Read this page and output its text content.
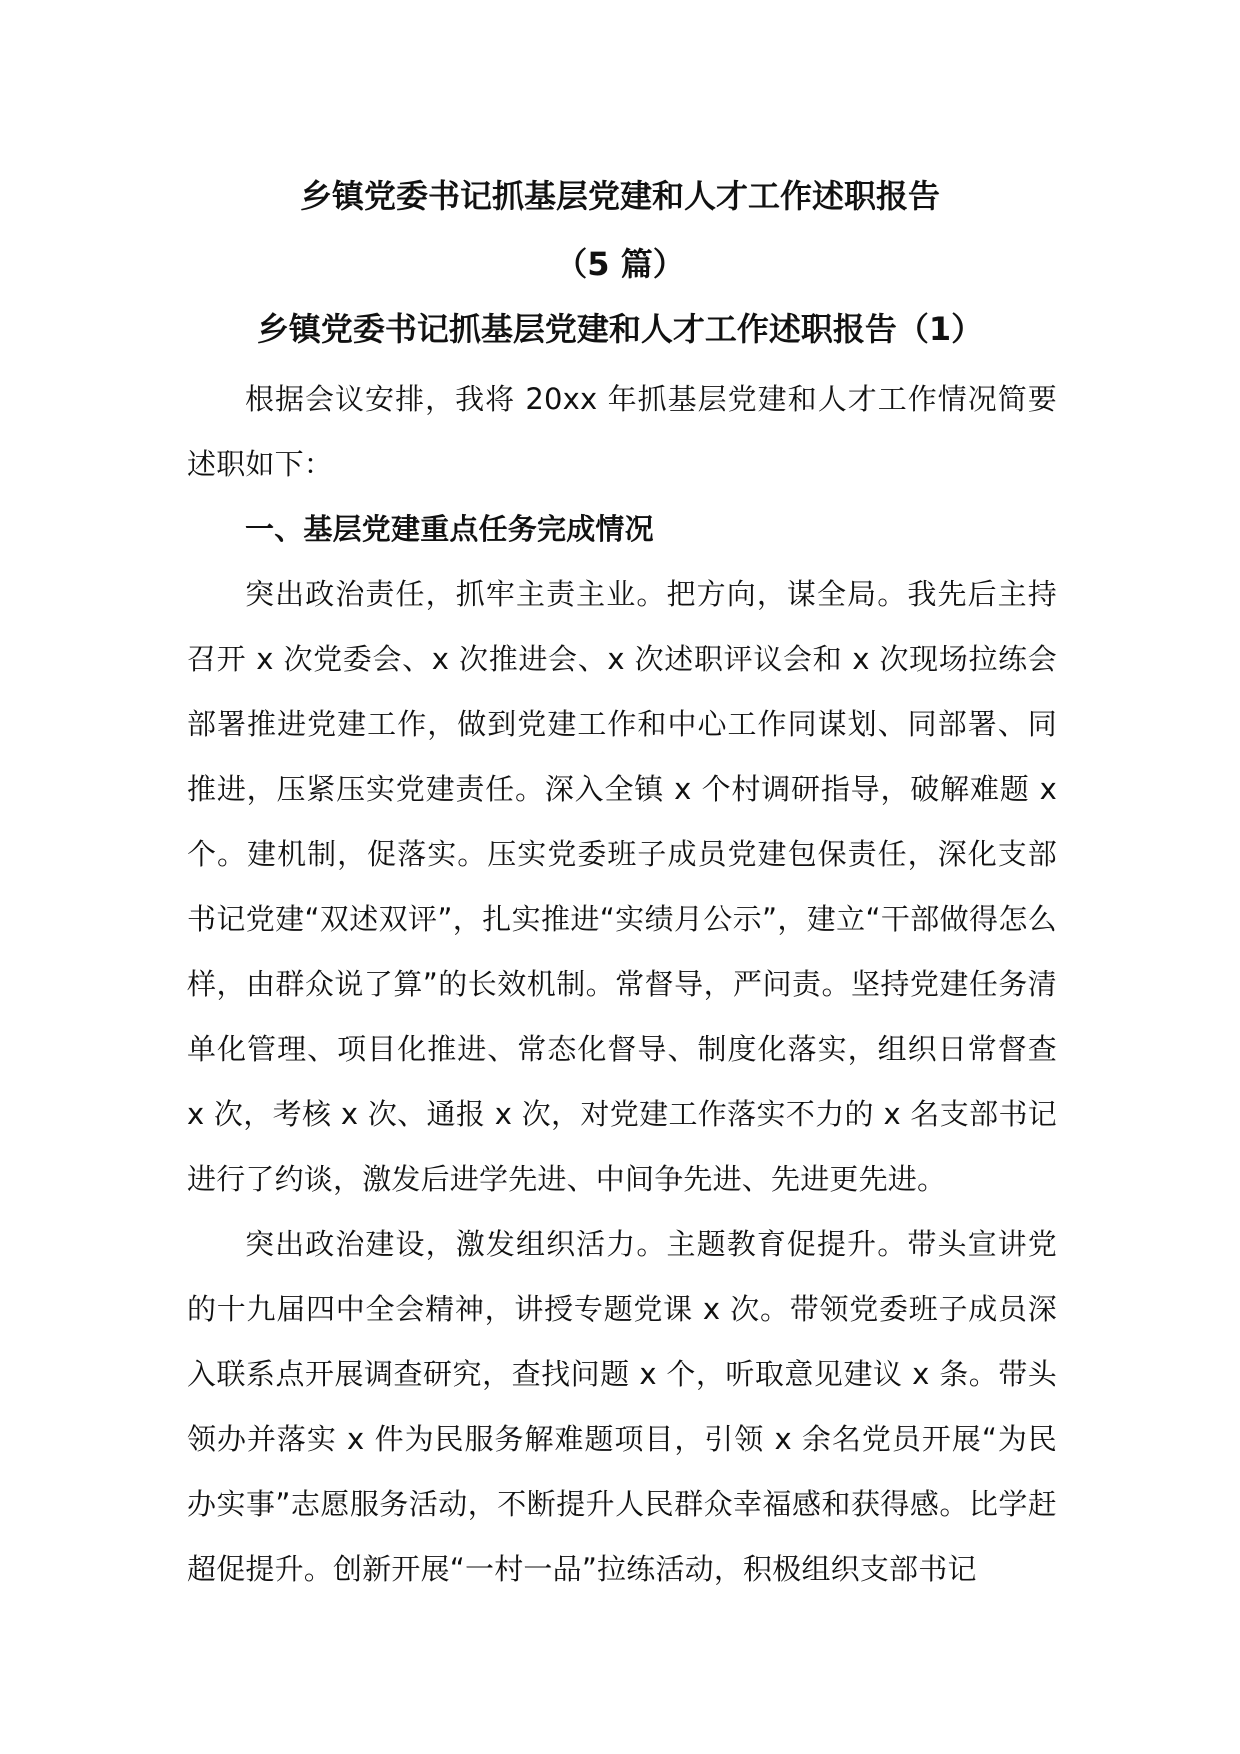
乡镇党委书记抓基层党建和人才工作述职报告
（5 篇）
乡镇党委书记抓基层党建和人才工作述职报告（1）

根据会议安排，我将 20xx 年抓基层党建和人才工作情况简要述职如下：

一、基层党建重点任务完成情况

突出政治责任，抓牢主责主业。把方向，谋全局。我先后主持召开 x 次党委会、x 次推进会、x 次述职评议会和 x 次现场拉练会部署推进党建工作，做到党建工作和中心工作同谋划、同部署、同推进，压紧压实党建责任。深入全镇 x 个村调研指导，破解难题 x 个。建机制，促落实。压实党委班子成员党建包保责任，深化支部书记党建“双述双评”，扎实推进“实绩月公示”，建立“干部做得怎么样，由群众说了算”的长效机制。常督导，严问责。坚持党建任务清单化管理、项目化推进、常态化督导、制度化落实，组织日常督查 x 次，考核 x 次、通报 x 次，对党建工作落实不力的 x 名支部书记进行了约谈，激发后进学先进、中间争先进、先进更先进。

突出政治建设，激发组织活力。主题教育促提升。带头宣讲党的十九届四中全会精神，讲授专题党课 x 次。带领党委班子成员深入联系点开展调查研究，查找问题 x 个，听取意见建议 x 条。带头领办并落实 x 件为民服务解难题项目，引领 x 余名党员开展“为民办实事”志愿服务活动，不断提升人民群众幸福感和获得感。比学赶超促提升。创新开展“一村一品”拉练活动，积极组织支部书记
